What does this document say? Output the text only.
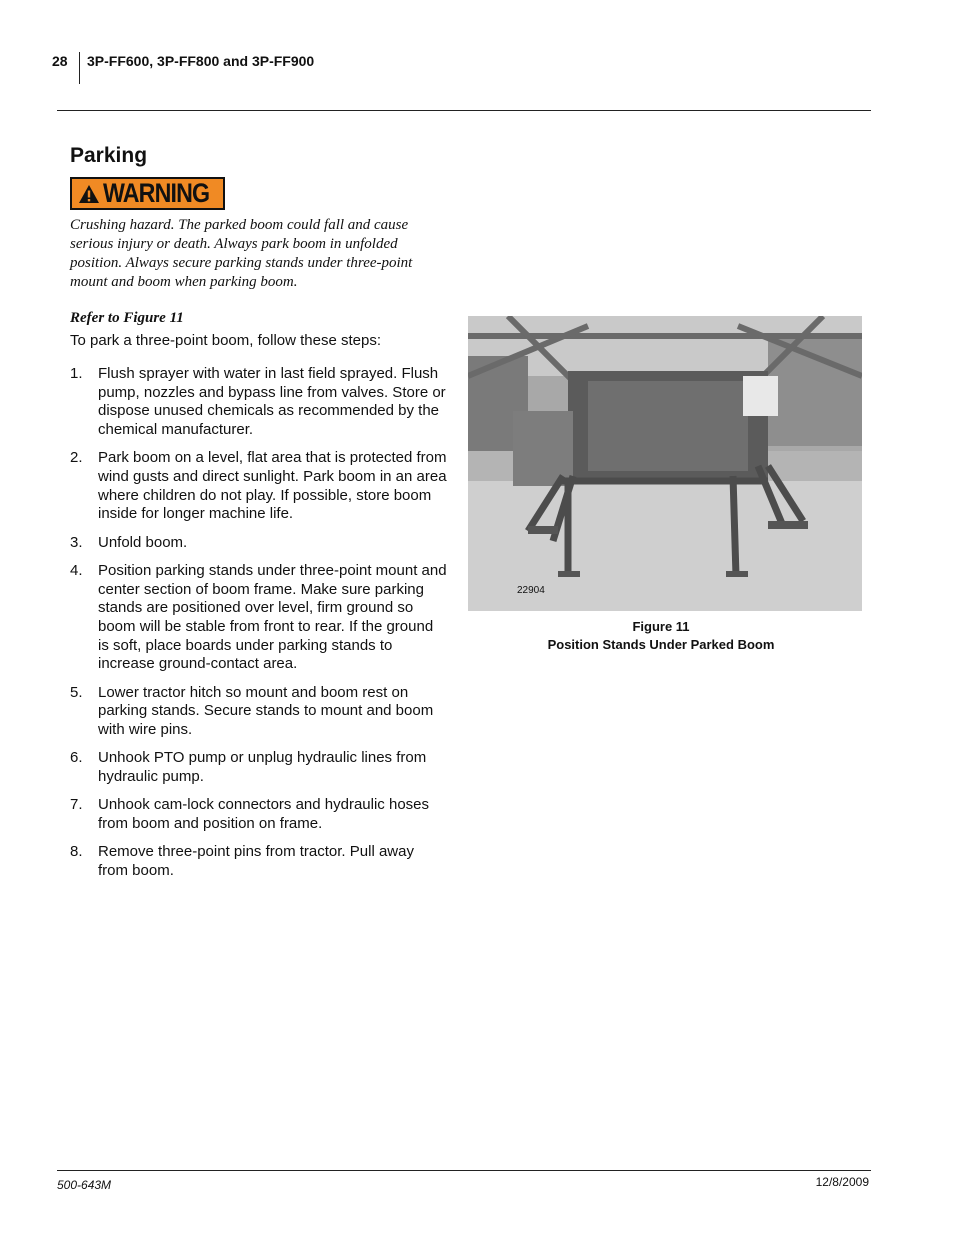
28 3P-FF600, 3P-FF800 and 3P-FF900
Parking
WARNING
Crushing hazard. The parked boom could fall and cause serious injury or death. Always park boom in unfolded position. Always secure parking stands under three-point mount and boom when parking boom.
Refer to Figure 11
To park a three-point boom, follow these steps:
1.	Flush sprayer with water in last field sprayed. Flush pump, nozzles and bypass line from valves. Store or dispose unused chemicals as recommended by the chemical manufacturer.
2.	Park boom on a level, flat area that is protected from wind gusts and direct sunlight. Park boom in an area where children do not play. If possible, store boom inside for longer machine life.
3.	Unfold boom.
4.	Position parking stands under three-point mount and center section of boom frame. Make sure parking stands are positioned over level, firm ground so boom will be stable from front to rear. If the ground is soft, place boards under parking stands to increase ground-contact area.
5.	Lower tractor hitch so mount and boom rest on parking stands. Secure stands to mount and boom with wire pins.
6.	Unhook PTO pump or unplug hydraulic lines from hydraulic pump.
7.	Unhook cam-lock connectors and hydraulic hoses from boom and position on frame.
8.	Remove three-point pins from tractor. Pull away from boom.
22904
Figure 11
Position Stands Under Parked Boom
500-643M	12/8/2009
